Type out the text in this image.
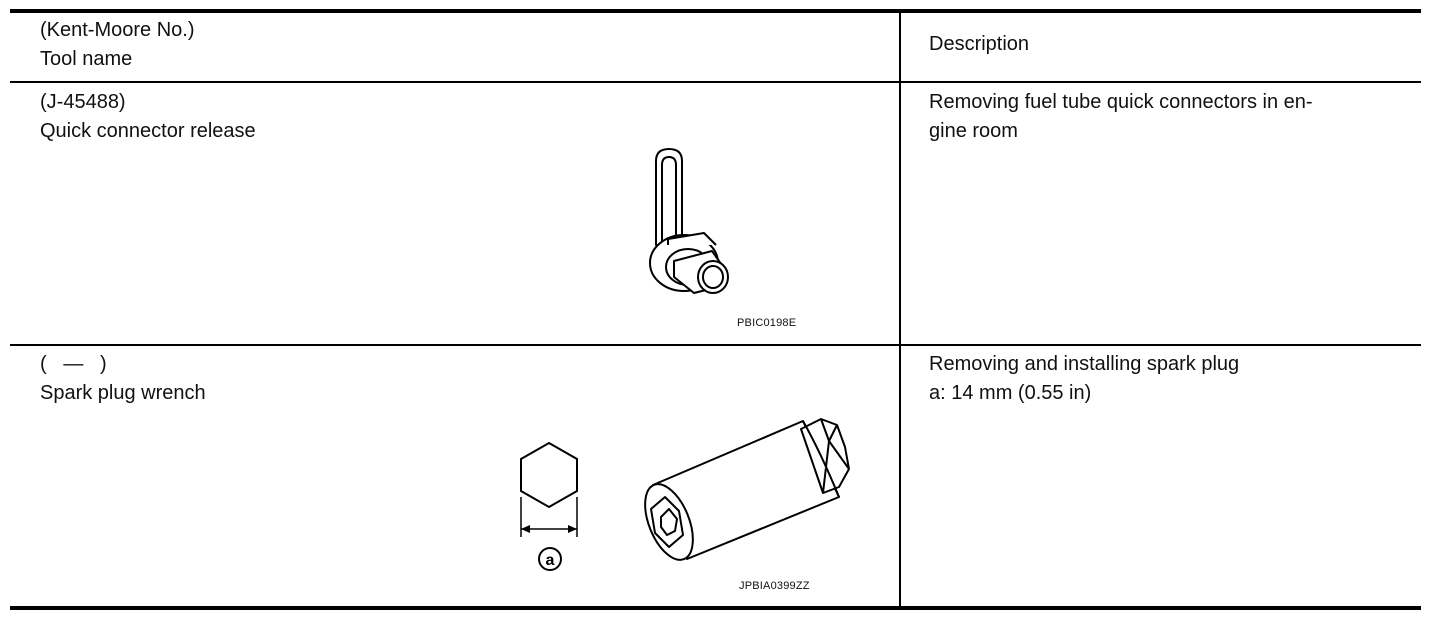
(Kent-Moore No.)
Tool name
Description
(J-45488)
Quick connector release
Removing fuel tube quick connectors in en-
gine room
PBIC0198E
(   —   )
Spark plug wrench
Removing and installing spark plug
a: 14 mm (0.55 in)
a
JPBIA0399ZZ
